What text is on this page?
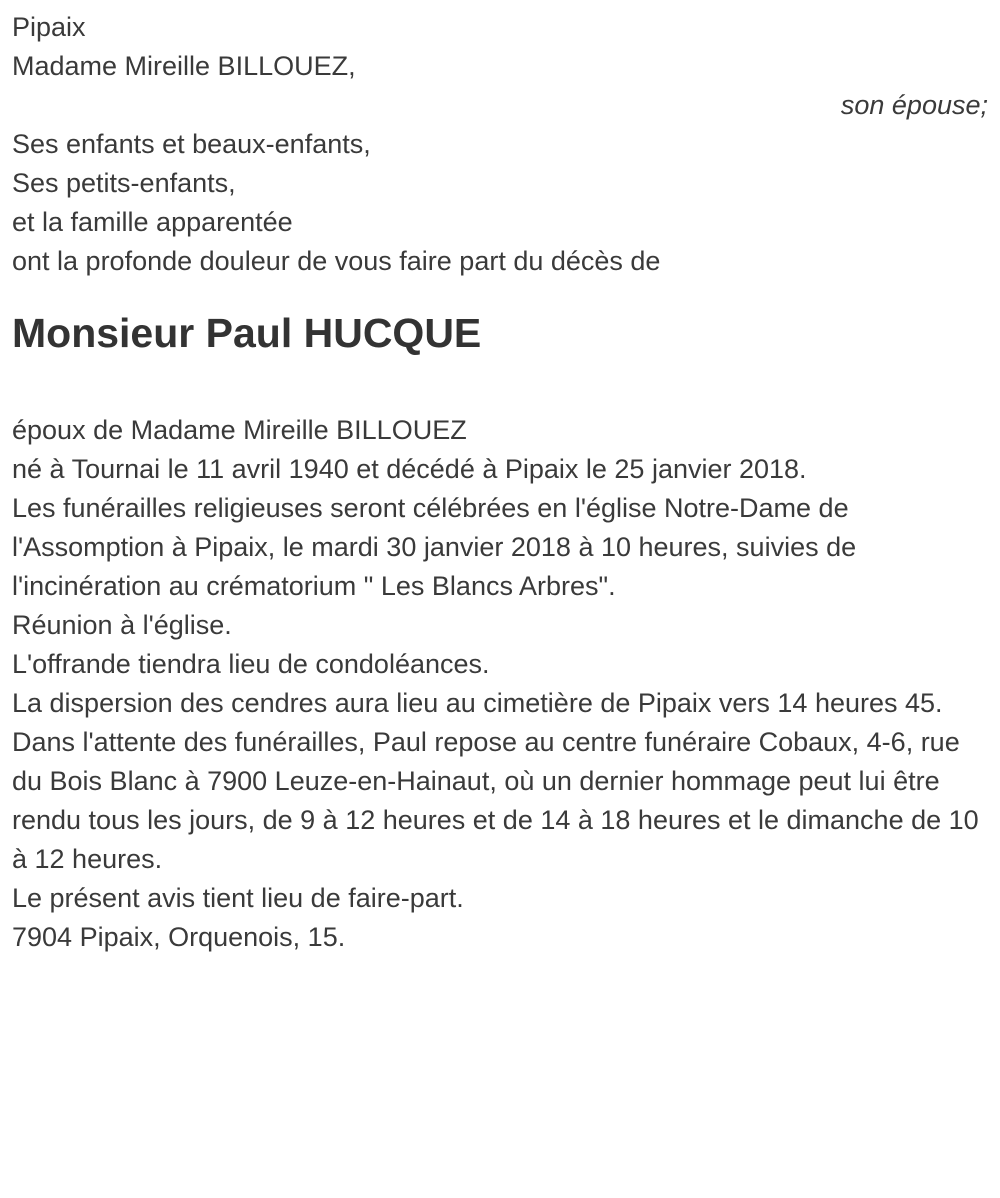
Pipaix

Madame Mireille BILLOUEZ,

son épouse;

Ses enfants et beaux-enfants,

Ses petits-enfants,

et la famille apparentée

ont la profonde douleur de vous faire part du décès de

Monsieur Paul HUCQUE

époux de Madame Mireille BILLOUEZ

né à Tournai le 11 avril 1940 et décédé à Pipaix le 25 janvier 2018.

Les funérailles religieuses seront célébrées en l'église Notre-Dame de l'Assomption à Pipaix, le mardi 30 janvier 2018 à 10 heures, suivies de l'incinération au crématorium " Les Blancs Arbres".

Réunion à l'église.

L'offrande tiendra lieu de condoléances.

La dispersion des cendres aura lieu au cimetière de Pipaix vers 14 heures 45.

Dans l'attente des funérailles, Paul repose au centre funéraire Cobaux, 4-6, rue du Bois Blanc à 7900 Leuze-en-Hainaut, où un dernier hommage peut lui être rendu tous les jours, de 9 à 12 heures et de 14 à 18 heures et le dimanche de 10 à 12 heures.

Le présent avis tient lieu de faire-part.

7904 Pipaix, Orquenois, 15.
